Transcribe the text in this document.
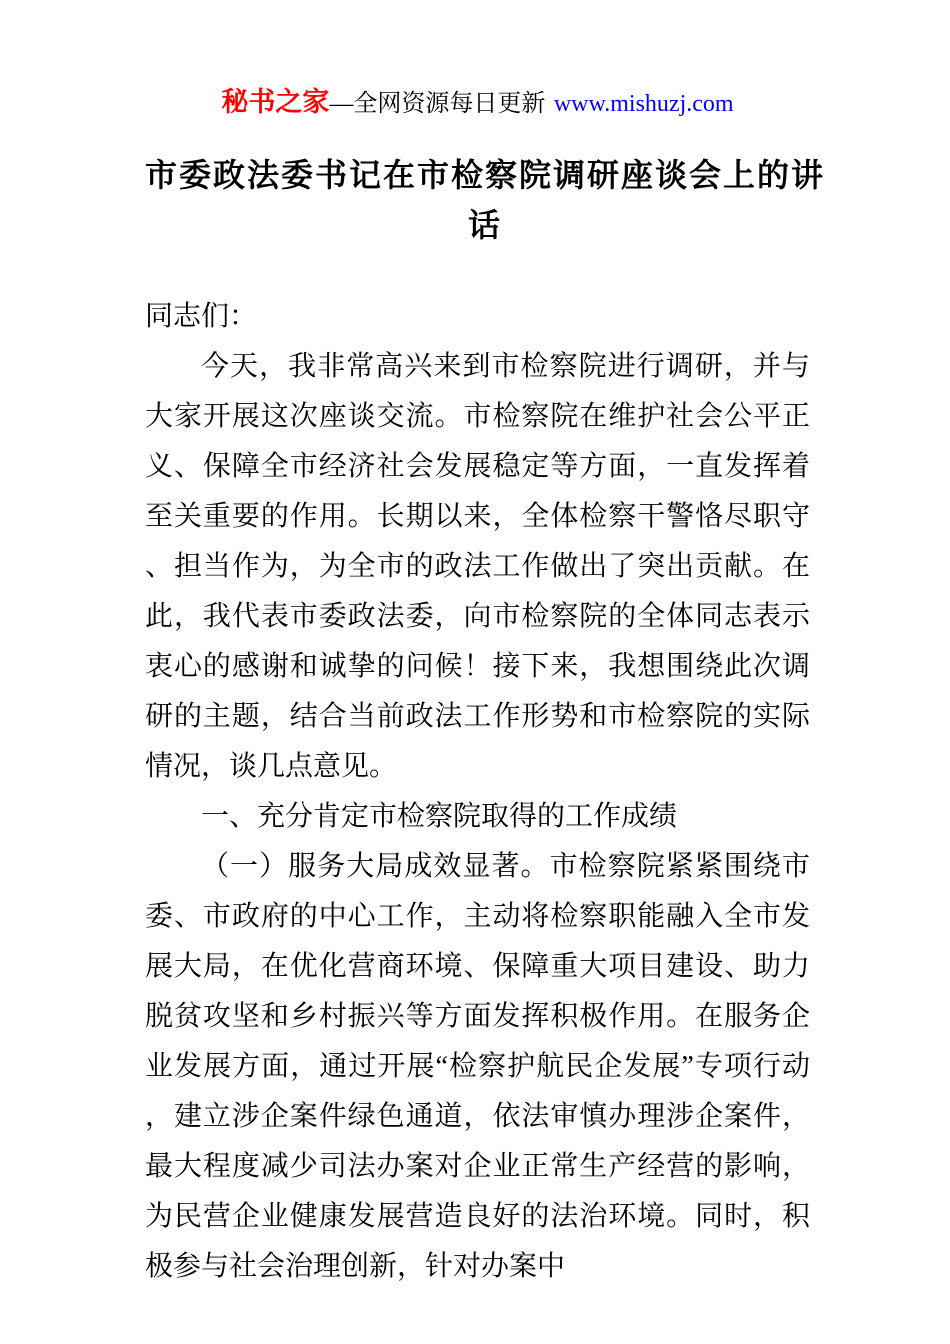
秘书之家—全网资源每日更新 www.mishuzj.com
市委政法委书记在市检察院调研座谈会上的讲话

同志们：

今天，我非常高兴来到市检察院进行调研，并与大家开展这次座谈交流。市检察院在维护社会公平正义、保障全市经济社会发展稳定等方面，一直发挥着至关重要的作用。长期以来，全体检察干警恪尽职守、担当作为，为全市的政法工作做出了突出贡献。在此，我代表市委政法委，向市检察院的全体同志表示衷心的感谢和诚挚的问候！接下来，我想围绕此次调研的主题，结合当前政法工作形势和市检察院的实际情况，谈几点意见。

一、充分肯定市检察院取得的工作成绩

（一）服务大局成效显著。市检察院紧紧围绕市委、市政府的中心工作，主动将检察职能融入全市发展大局，在优化营商环境、保障重大项目建设、助力脱贫攻坚和乡村振兴等方面发挥积极作用。在服务企业发展方面，通过开展“检察护航民企发展”专项行动，建立涉企案件绿色通道，依法审慎办理涉企案件，最大程度减少司法办案对企业正常生产经营的影响，为民营企业健康发展营造良好的法治环境。同时，积极参与社会治理创新，针对办案中
